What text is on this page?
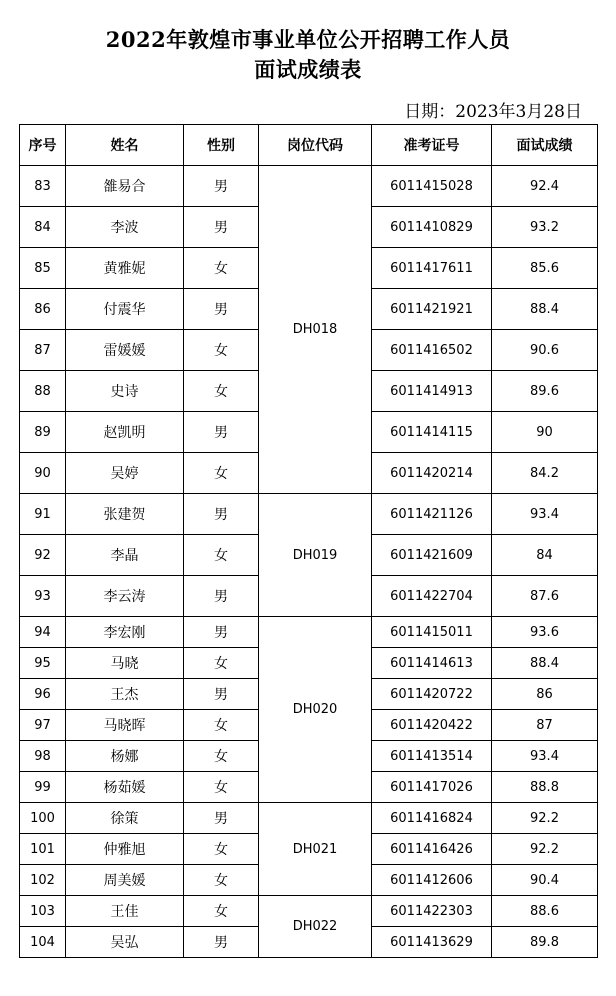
2022年敦煌市事业单位公开招聘工作人员
面试成绩表
日期：2023年3月28日
序号	姓名	性别	岗位代码	准考证号	面试成绩
83	雒易合	男	DH018	6011415028	92.4
84	李波	男		6011410829	93.2
85	黄雅妮	女		6011417611	85.6
86	付震华	男		6011421921	88.4
87	雷媛媛	女		6011416502	90.6
88	史诗	女		6011414913	89.6
89	赵凯明	男		6011414115	90
90	吴婷	女		6011420214	84.2
91	张建贺	男	DH019	6011421126	93.4
92	李晶	女		6011421609	84
93	李云涛	男		6011422704	87.6
94	李宏刚	男	DH020	6011415011	93.6
95	马晓	女		6011414613	88.4
96	王杰	男		6011420722	86
97	马晓晖	女		6011420422	87
98	杨娜	女		6011413514	93.4
99	杨茹媛	女		6011417026	88.8
100	徐策	男	DH021	6011416824	92.2
101	仲雅旭	女		6011416426	92.2
102	周美媛	女		6011412606	90.4
103	王佳	女	DH022	6011422303	88.6
104	吴弘	男		6011413629	89.8
